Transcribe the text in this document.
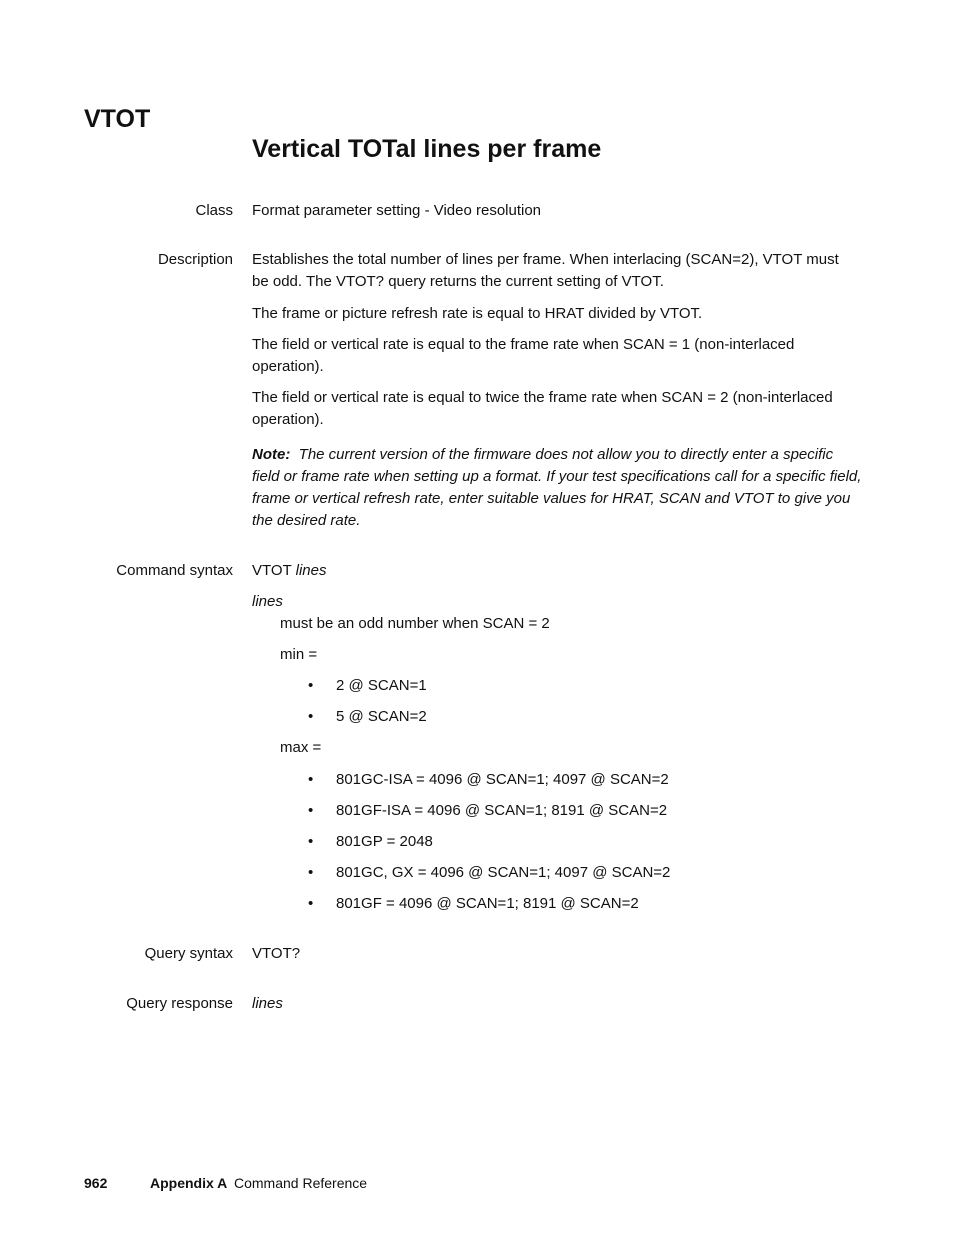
VTOT
Vertical TOTal lines per frame
Class Format parameter setting - Video resolution
Description Establishes the total number of lines per frame. When interlacing (SCAN=2), VTOT must
be odd. The VTOT? query returns the current setting of VTOT.
The frame or picture refresh rate is equal to HRAT divided by VTOT.
The field or vertical rate is equal to the frame rate when SCAN = 1 (non-interlaced
operation).
The field or vertical rate is equal to twice the frame rate when SCAN = 2 (non-interlaced
operation).
Note: The current version of the firmware does not allow you to directly enter a specific
field or frame rate when setting up a format. If your test specifications call for a specific field,
frame or vertical refresh rate, enter suitable values for HRAT, SCAN and VTOT to give you
the desired rate.
Command syntax VTOT lines
lines
must be an odd number when SCAN = 2
min =
• 2 @ SCAN=1
• 5 @ SCAN=2
max =
• 801GC-ISA = 4096 @ SCAN=1; 4097 @ SCAN=2
• 801GF-ISA = 4096 @ SCAN=1; 8191 @ SCAN=2
• 801GP = 2048
• 801GC, GX = 4096 @ SCAN=1; 4097 @ SCAN=2
• 801GF = 4096 @ SCAN=1; 8191 @ SCAN=2
Query syntax VTOT?
Query response lines
962	Appendix A Command Reference
